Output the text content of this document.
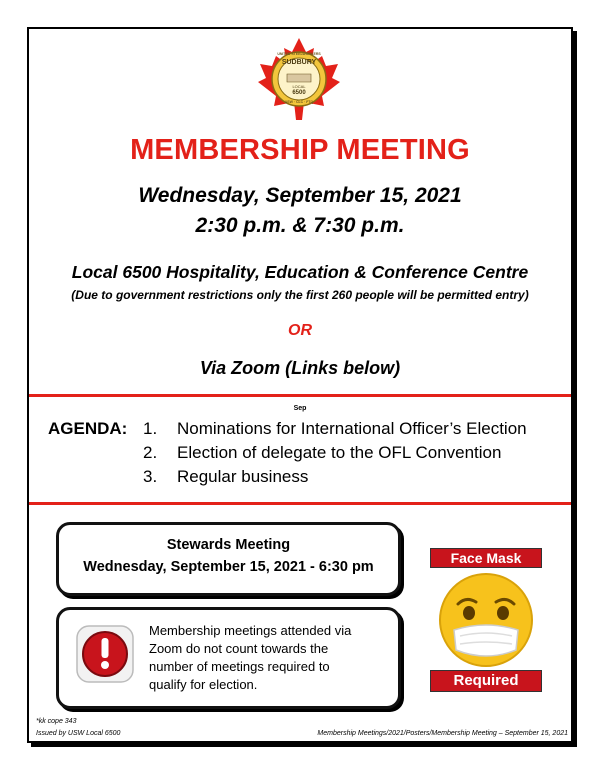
UNITED STEELWORKERS
SUDBURY
LOCAL
6500
USW · CLC · FTQ
MEMBERSHIP MEETING
Wednesday, September 15, 2021
2:30 p.m. & 7:30 p.m.
Local 6500 Hospitality, Education & Conference Centre
(Due to government restrictions only the first 260 people will be permitted entry)
OR
Via Zoom (Links below)
Sep
AGENDA: 1. Nominations for International Officer’s Election
2. Election of delegate to the OFL Convention
3. Regular business
Stewards Meeting
Wednesday, September 15, 2021 - 6:30 pm
Membership meetings attended via
Zoom do not count towards the
number of meetings required to
qualify for election.
Face Mask
Required
*kk cope 343
Issued by USW Local 6500	Membership Meetings/2021/Posters/Membership Meeting – September 15, 2021
